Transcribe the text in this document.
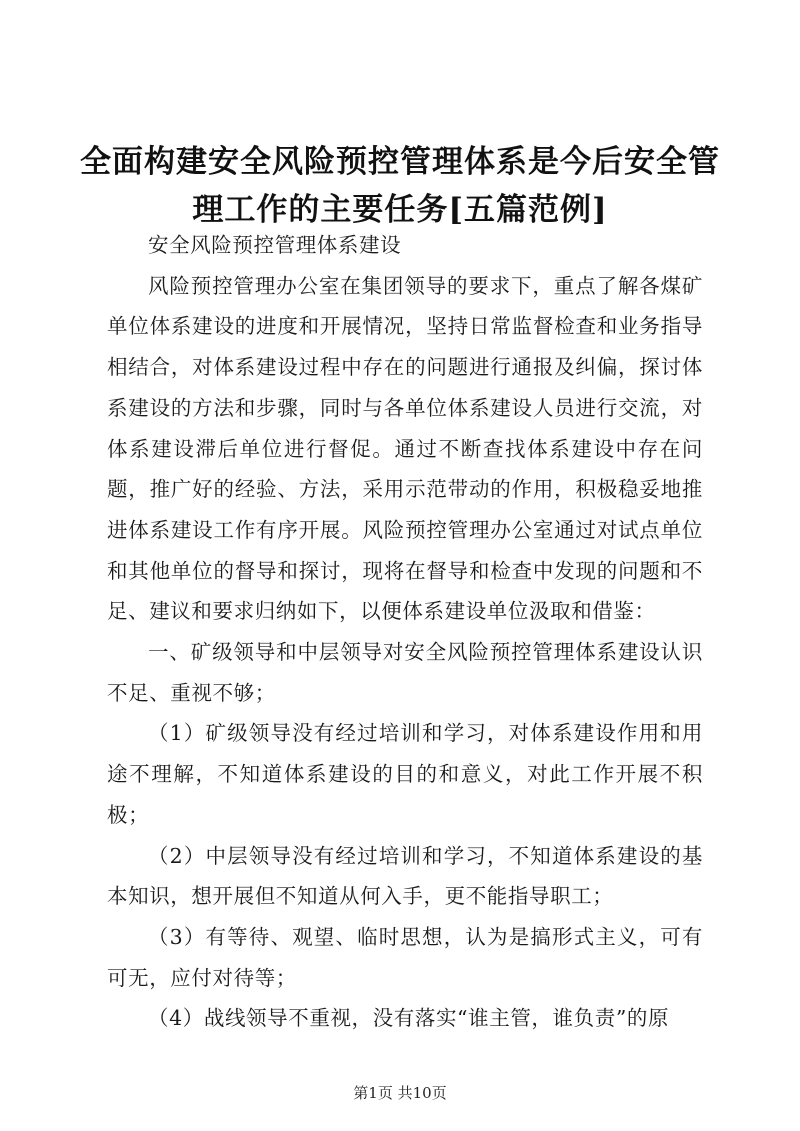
全面构建安全风险预控管理体系是今后安全管理工作的主要任务[五篇范例]

安全风险预控管理体系建设

风险预控管理办公室在集团领导的要求下，重点了解各煤矿单位体系建设的进度和开展情况，坚持日常监督检查和业务指导相结合，对体系建设过程中存在的问题进行通报及纠偏，探讨体系建设的方法和步骤，同时与各单位体系建设人员进行交流，对体系建设滞后单位进行督促。通过不断查找体系建设中存在问题，推广好的经验、方法，采用示范带动的作用，积极稳妥地推进体系建设工作有序开展。风险预控管理办公室通过对试点单位和其他单位的督导和探讨，现将在督导和检查中发现的问题和不足、建议和要求归纳如下，以便体系建设单位汲取和借鉴：

一、矿级领导和中层领导对安全风险预控管理体系建设认识不足、重视不够；

（1）矿级领导没有经过培训和学习，对体系建设作用和用途不理解，不知道体系建设的目的和意义，对此工作开展不积极；

（2）中层领导没有经过培训和学习，不知道体系建设的基本知识，想开展但不知道从何入手，更不能指导职工；

（3）有等待、观望、临时思想，认为是搞形式主义，可有可无，应付对待等；

（4）战线领导不重视，没有落实“谁主管，谁负责”的原

第1页 共10页
